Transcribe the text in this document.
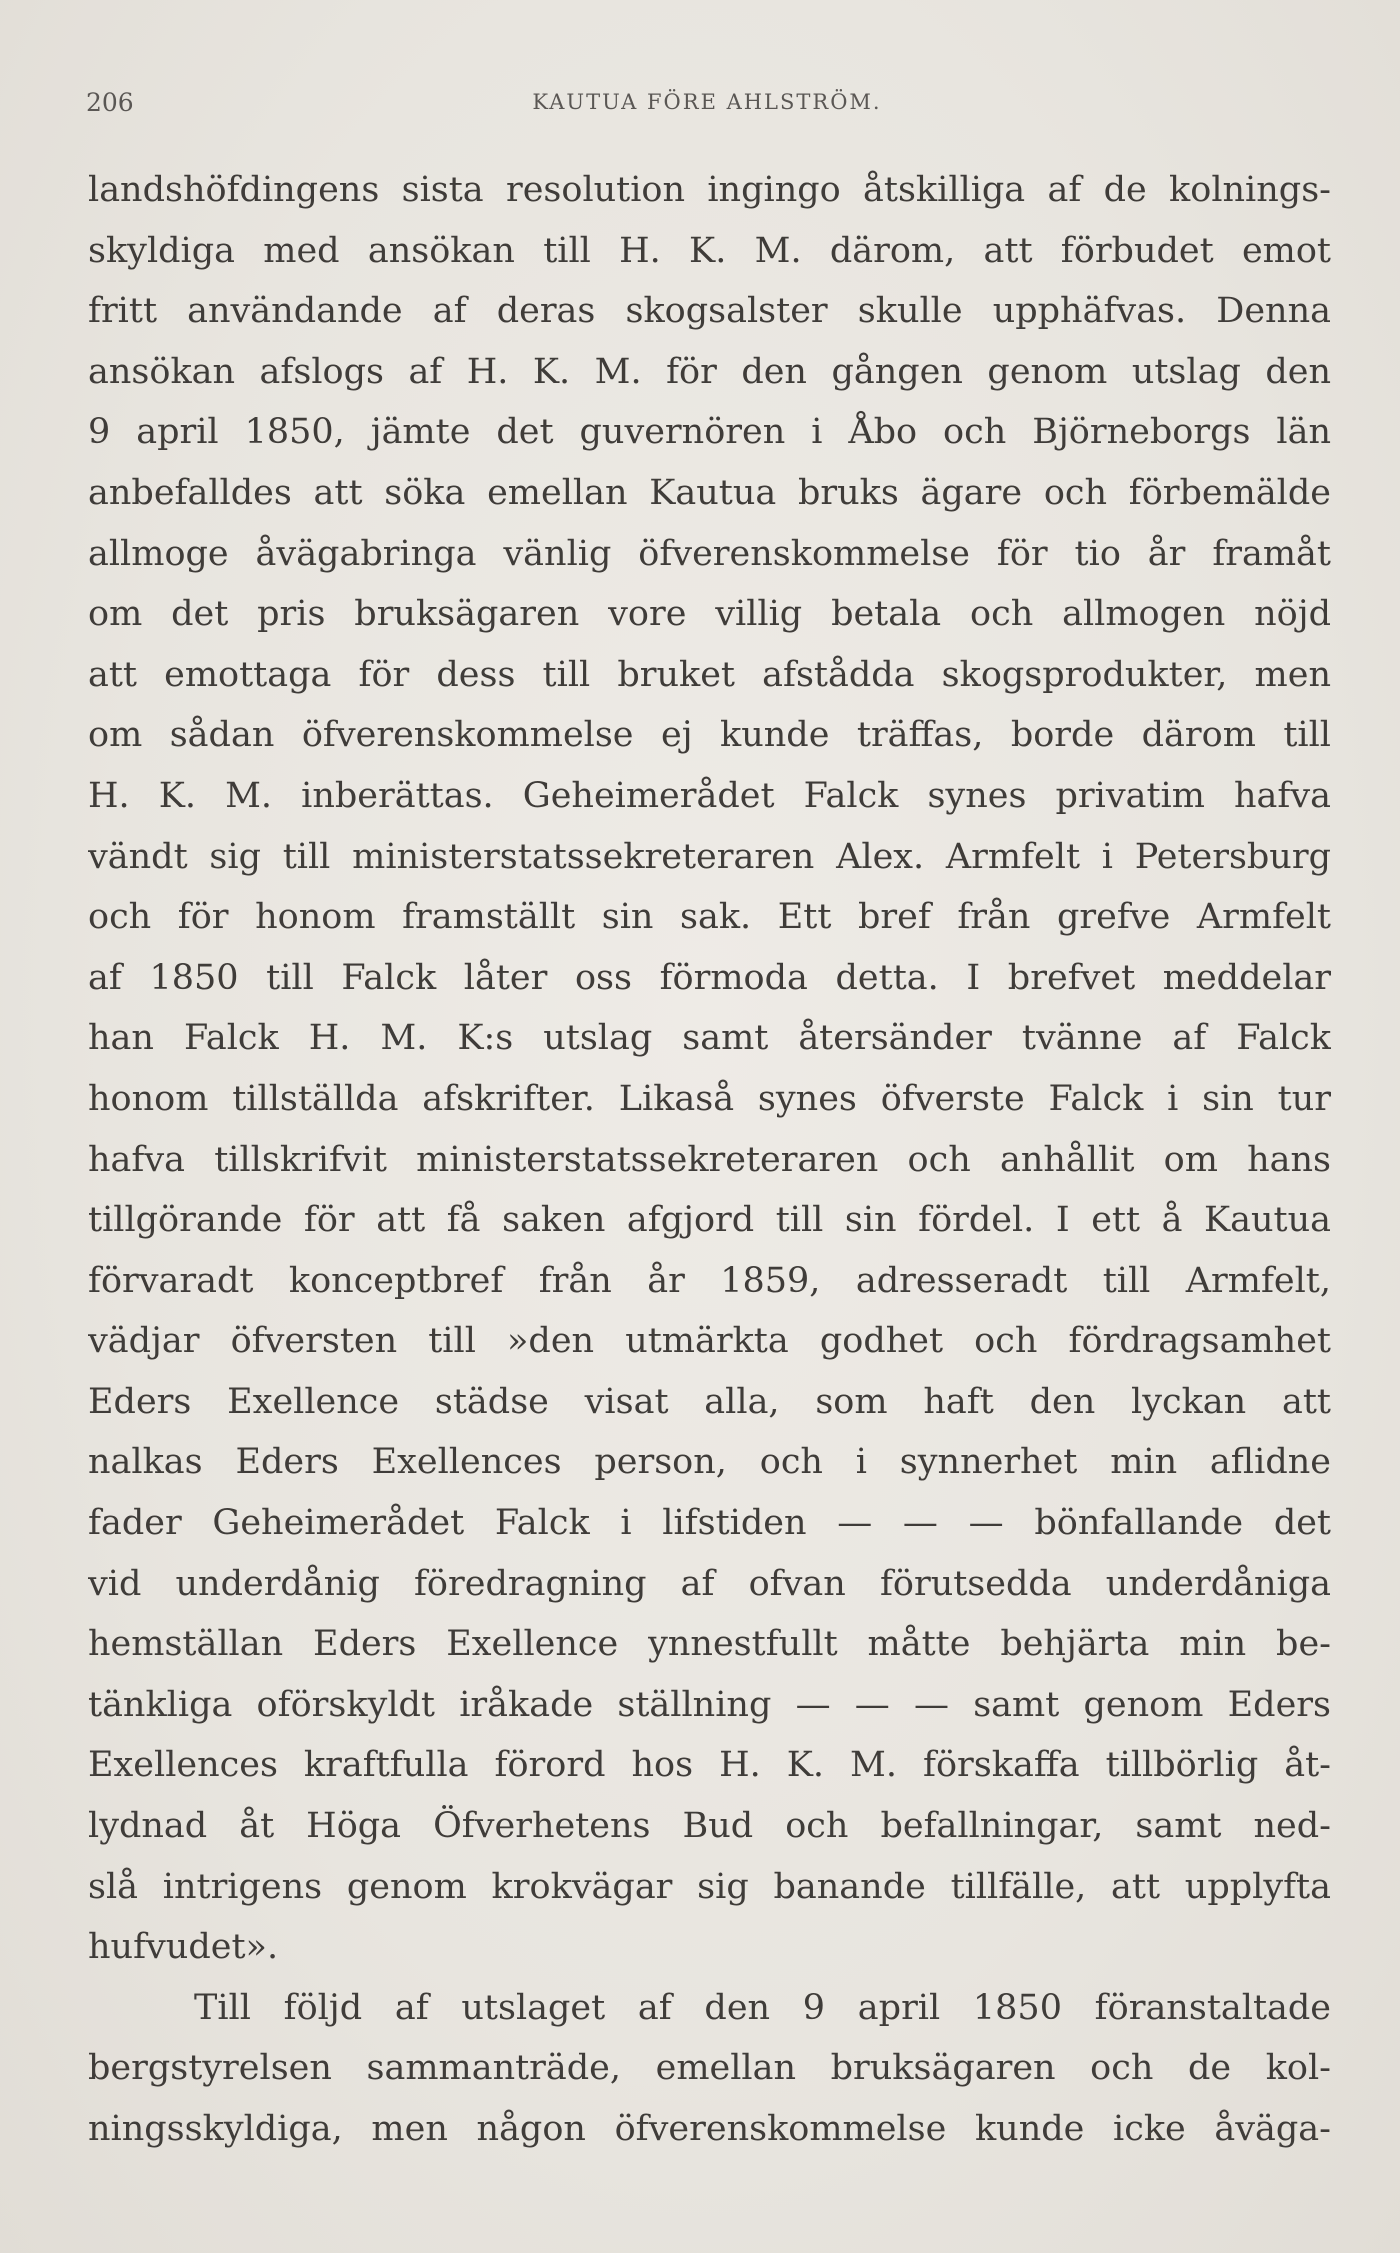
206	KAUTUA FÖRE AHLSTRÖM.
landshöfdingens sista resolution ingingo åtskilliga af de kolnings-
skyldiga med ansökan till H. K. M. därom, att förbudet emot
fritt användande af deras skogsalster skulle upphäfvas. Denna
ansökan afslogs af H. K. M. för den gången genom utslag den
9 april 1850, jämte det guvernören i Åbo och Björneborgs län
anbefalldes att söka emellan Kautua bruks ägare och förbemälde
allmoge åvägabringa vänlig öfverenskommelse för tio år framåt
om det pris bruksägaren vore villig betala och allmogen nöjd
att emottaga för dess till bruket afstådda skogsprodukter, men
om sådan öfverenskommelse ej kunde träffas, borde därom till
H. K. M. inberättas. Geheimerådet Falck synes privatim hafva
vändt sig till ministerstatssekreteraren Alex. Armfelt i Petersburg
och för honom framställt sin sak. Ett bref från grefve Armfelt
af 1850 till Falck låter oss förmoda detta. I brefvet meddelar
han Falck H. M. K:s utslag samt återsänder tvänne af Falck
honom tillställda afskrifter. Likaså synes öfverste Falck i sin tur
hafva tillskrifvit ministerstatssekreteraren och anhållit om hans
tillgörande för att få saken afgjord till sin fördel. I ett å Kautua
förvaradt konceptbref från år 1859, adresseradt till Armfelt,
vädjar öfversten till »den utmärkta godhet och fördragsamhet
Eders Exellence städse visat alla, som haft den lyckan att
nalkas Eders Exellences person, och i synnerhet min aflidne
fader Geheimerådet Falck i lifstiden — — — bönfallande det
vid underdånig föredragning af ofvan förutsedda underdåniga
hemställan Eders Exellence ynnestfullt måtte behjärta min be-
tänkliga oförskyldt iråkade ställning — — — samt genom Eders
Exellences kraftfulla förord hos H. K. M. förskaffa tillbörlig åt-
lydnad åt Höga Öfverhetens Bud och befallningar, samt ned-
slå intrigens genom krokvägar sig banande tillfälle, att upplyfta
hufvudet».
Till följd af utslaget af den 9 april 1850 föranstaltade
bergstyrelsen sammanträde, emellan bruksägaren och de kol-
ningsskyldiga, men någon öfverenskommelse kunde icke åväga-
